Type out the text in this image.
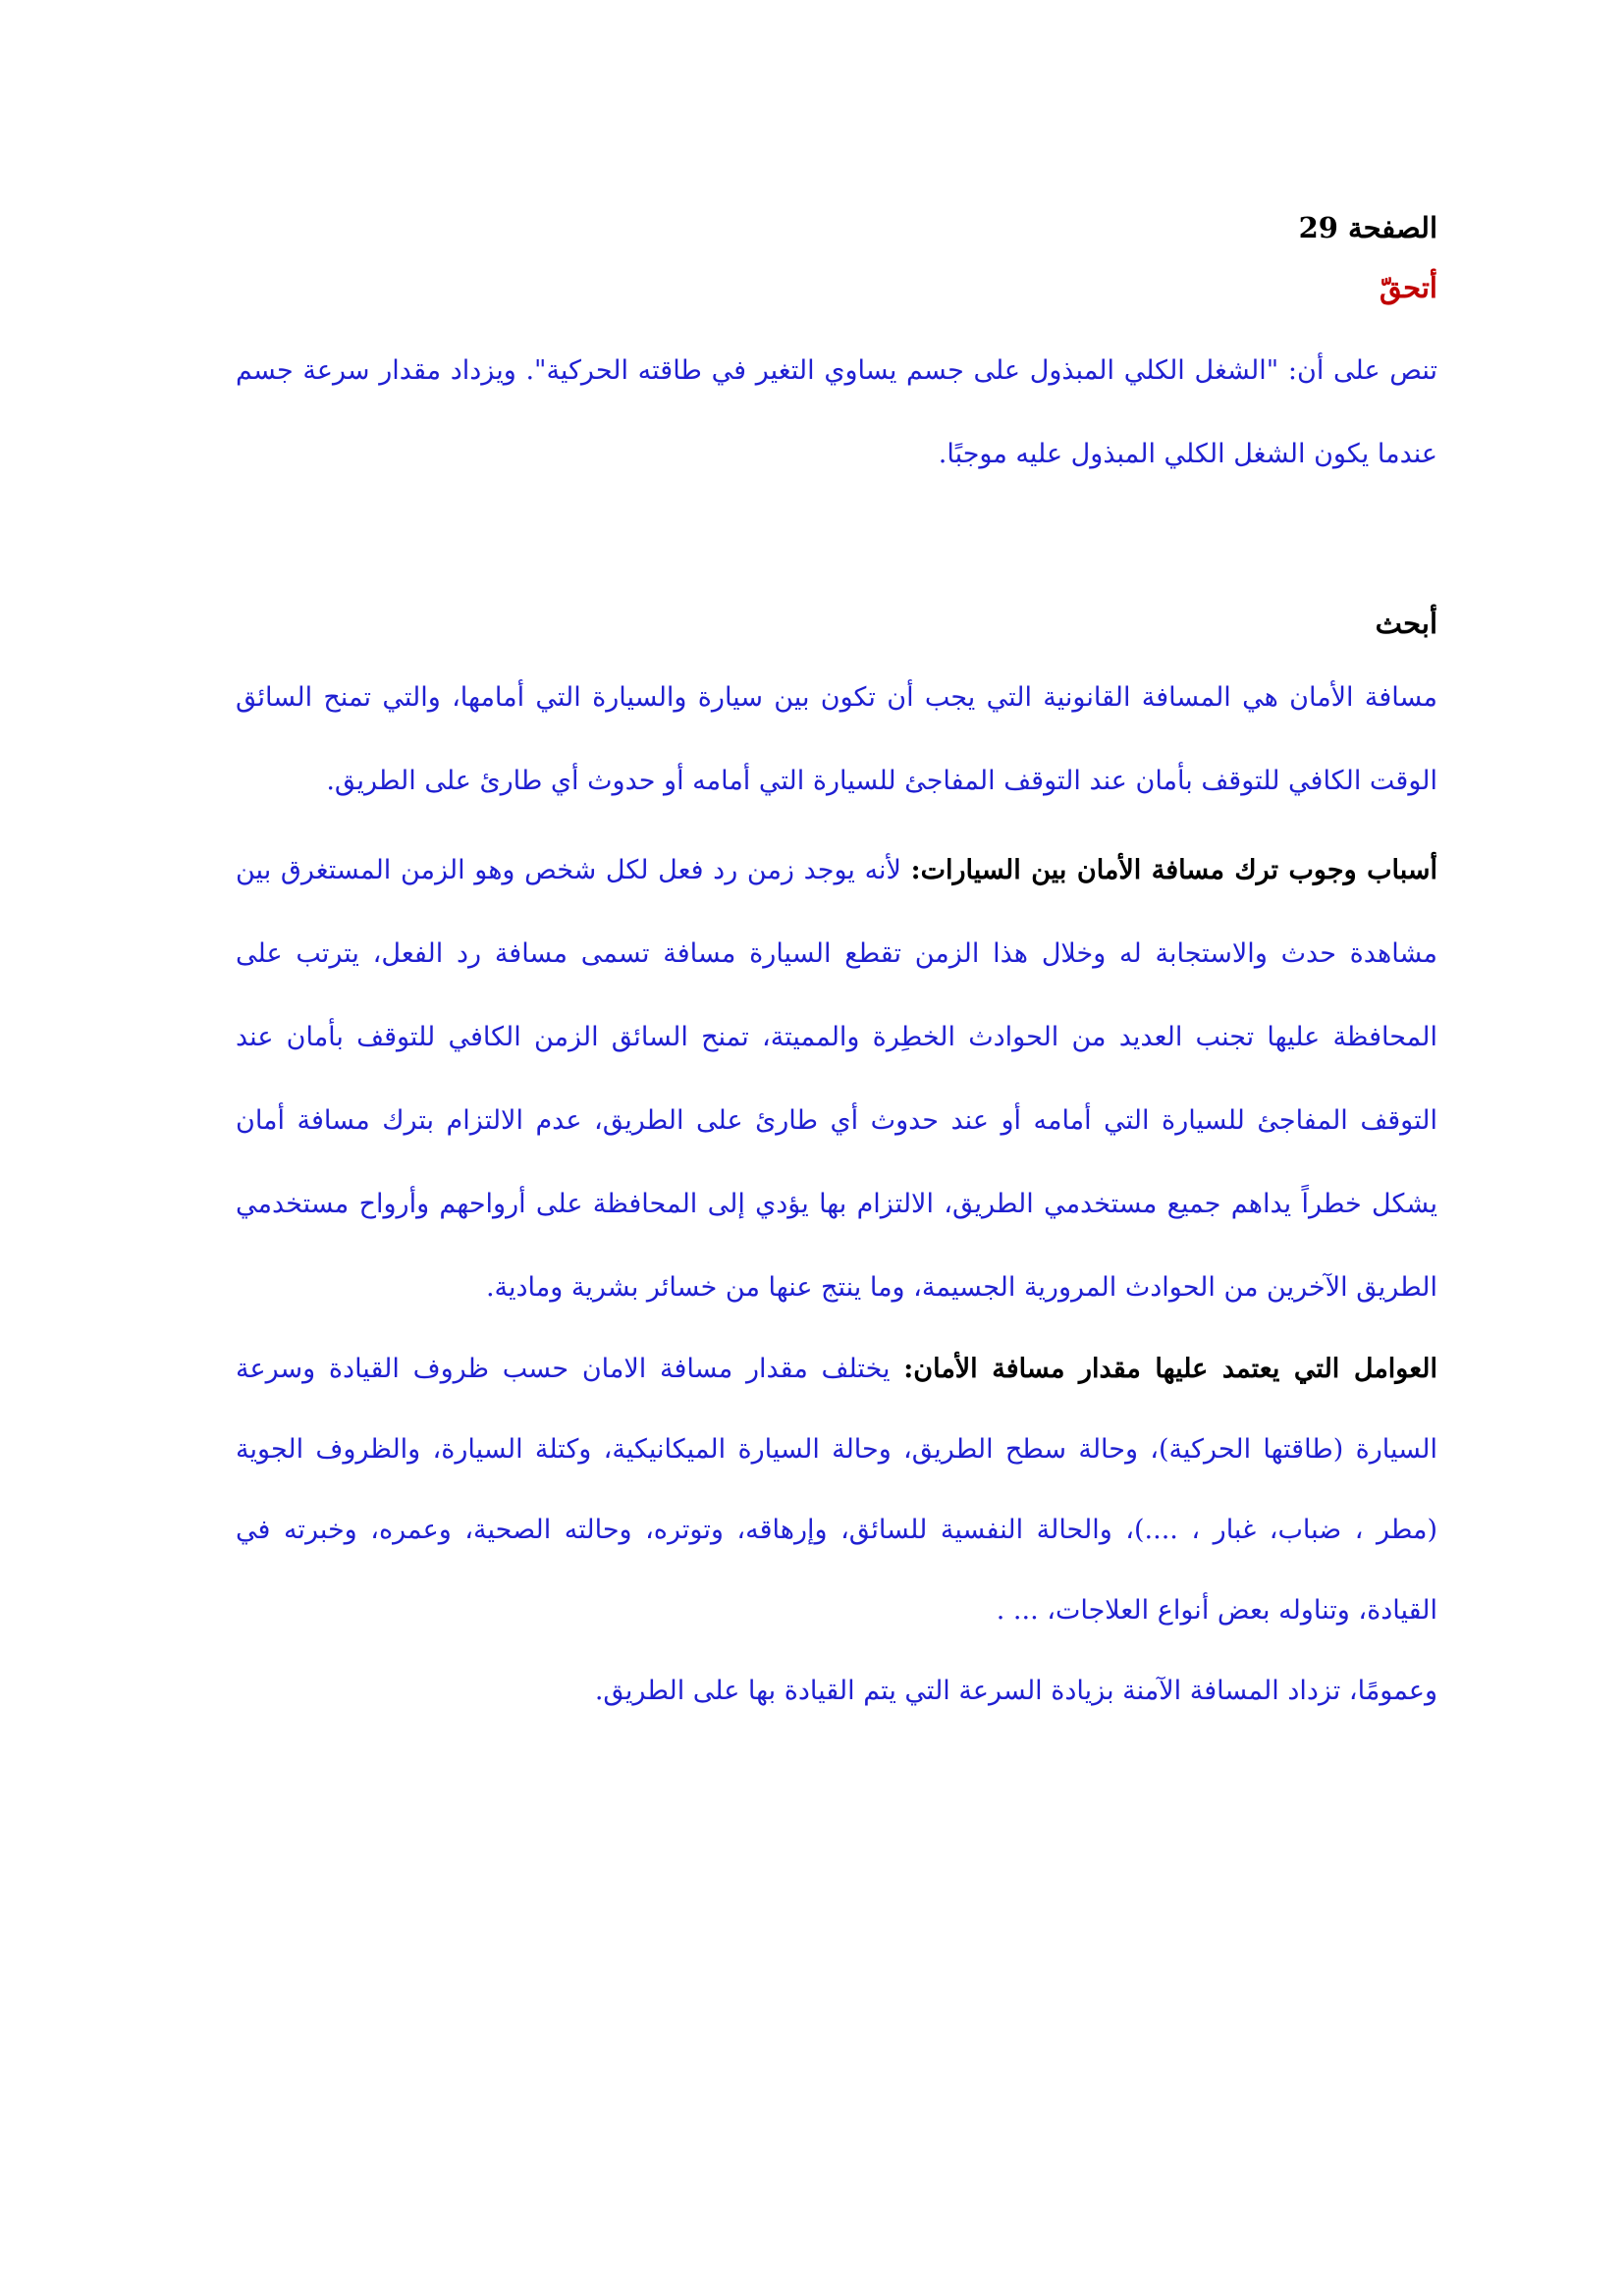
الصفحة 29

أتحقّ

تنص على أن: "الشغل الكلي المبذول على جسم يساوي التغير في طاقته الحركية". ويزداد مقدار سرعة جسم عندما يكون الشغل الكلي المبذول عليه موجبًا.

أبحث

مسافة الأمان هي المسافة القانونية التي يجب أن تكون بين سيارة والسيارة التي أمامها، والتي تمنح السائق الوقت الكافي للتوقف بأمان عند التوقف المفاجئ للسيارة التي أمامه أو حدوث أي طارئ على الطريق.

أسباب وجوب ترك مسافة الأمان بين السيارات: لأنه يوجد زمن رد فعل لكل شخص وهو الزمن المستغرق بين مشاهدة حدث والاستجابة له وخلال هذا الزمن تقطع السيارة مسافة تسمى مسافة رد الفعل، يترتب على المحافظة عليها تجنب العديد من الحوادث الخطِرة والمميتة، تمنح السائق الزمن الكافي للتوقف بأمان عند التوقف المفاجئ للسيارة التي أمامه أو عند حدوث أي طارئ على الطريق، عدم الالتزام بترك مسافة أمان يشكل خطراً يداهم جميع مستخدمي الطريق، الالتزام بها يؤدي إلى المحافظة على أرواحهم وأرواح مستخدمي الطريق الآخرين من الحوادث المرورية الجسيمة، وما ينتج عنها من خسائر بشرية ومادية.

العوامل التي يعتمد عليها مقدار مسافة الأمان: يختلف مقدار مسافة الامان حسب ظروف القيادة وسرعة السيارة (طاقتها الحركية)، وحالة سطح الطريق، وحالة السيارة الميكانيكية، وكتلة السيارة، والظروف الجوية (مطر ، ضباب، غبار ، ....)، والحالة النفسية للسائق، وإرهاقه، وتوتره، وحالته الصحية، وعمره، وخبرته في القيادة، وتناوله بعض أنواع العلاجات، ... .

وعمومًا، تزداد المسافة الآمنة بزيادة السرعة التي يتم القيادة بها على الطريق.
